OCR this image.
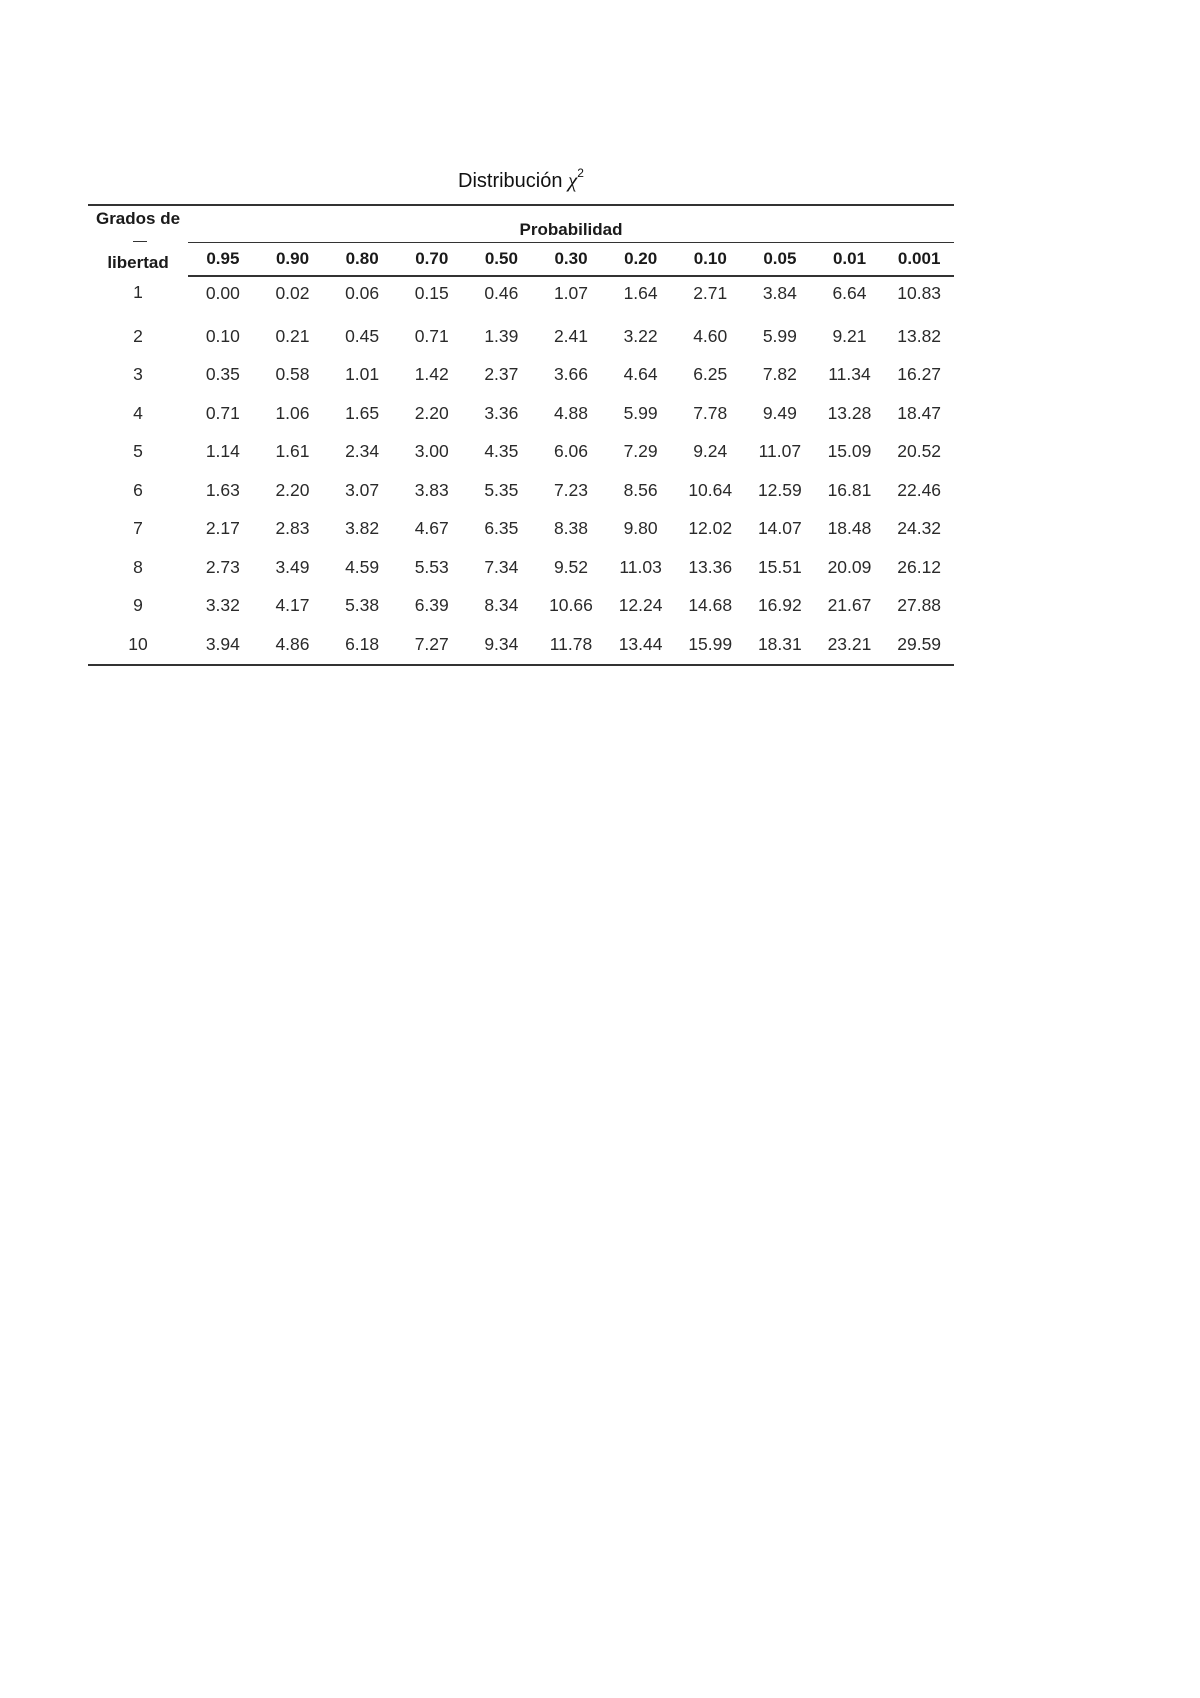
Distribución $\chi^2$
Grados de
libertad	Probabilidad										
	0.95	0.90	0.80	0.70	0.50	0.30	0.20	0.10	0.05	0.01	0.001
1	0.00	0.02	0.06	0.15	0.46	1.07	1.64	2.71	3.84	6.64	10.83
2	0.10	0.21	0.45	0.71	1.39	2.41	3.22	4.60	5.99	9.21	13.82
3	0.35	0.58	1.01	1.42	2.37	3.66	4.64	6.25	7.82	11.34	16.27
4	0.71	1.06	1.65	2.20	3.36	4.88	5.99	7.78	9.49	13.28	18.47
5	1.14	1.61	2.34	3.00	4.35	6.06	7.29	9.24	11.07	15.09	20.52
6	1.63	2.20	3.07	3.83	5.35	7.23	8.56	10.64	12.59	16.81	22.46
7	2.17	2.83	3.82	4.67	6.35	8.38	9.80	12.02	14.07	18.48	24.32
8	2.73	3.49	4.59	5.53	7.34	9.52	11.03	13.36	15.51	20.09	26.12
9	3.32	4.17	5.38	6.39	8.34	10.66	12.24	14.68	16.92	21.67	27.88
10	3.94	4.86	6.18	7.27	9.34	11.78	13.44	15.99	18.31	23.21	29.59
